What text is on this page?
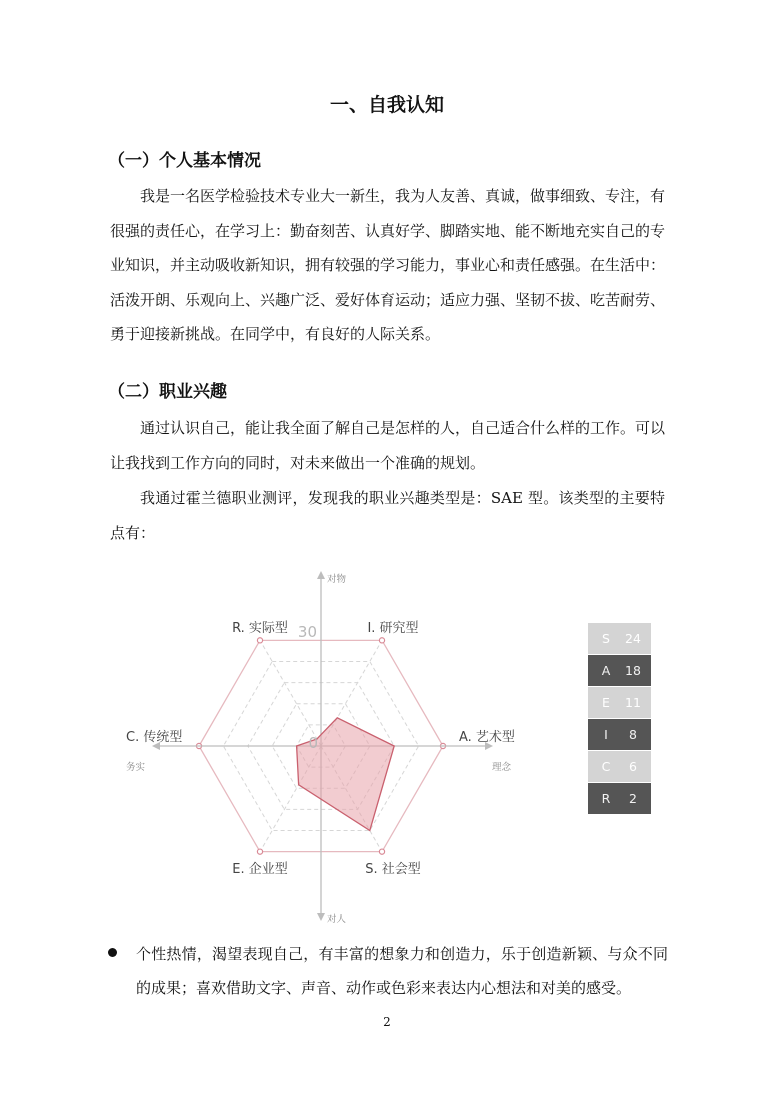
一、自我认知
（一）个人基本情况

我是一名医学检验技术专业大一新生，我为人友善、真诚，做事细致、专注，有很强的责任心，在学习上：勤奋刻苦、认真好学、脚踏实地、能不断地充实自己的专业知识，并主动吸收新知识，拥有较强的学习能力，事业心和责任感强。在生活中：活泼开朗、乐观向上、兴趣广泛、爱好体育运动；适应力强、坚韧不拔、吃苦耐劳、勇于迎接新挑战。在同学中，有良好的人际关系。

（二）职业兴趣

通过认识自己，能让我全面了解自己是怎样的人，自己适合什么样的工作。可以让我找到工作方向的同时，对未来做出一个准确的规划。

我通过霍兰德职业测评，发现我的职业兴趣类型是：SAE 型。该类型的主要特点有：

R. 实际型	I. 研究型
A. 艺术型
S. 社会型
E. 企业型
C. 传统型
对物
对人
务实	理念
30
0
S 24
A 18
E 11
I 8
C 6
R 2
个性热情，渴望表现自己，有丰富的想象力和创造力，乐于创造新颖、与众不同的成果；喜欢借助文字、声音、动作或色彩来表达内心想法和对美的感受。
2
